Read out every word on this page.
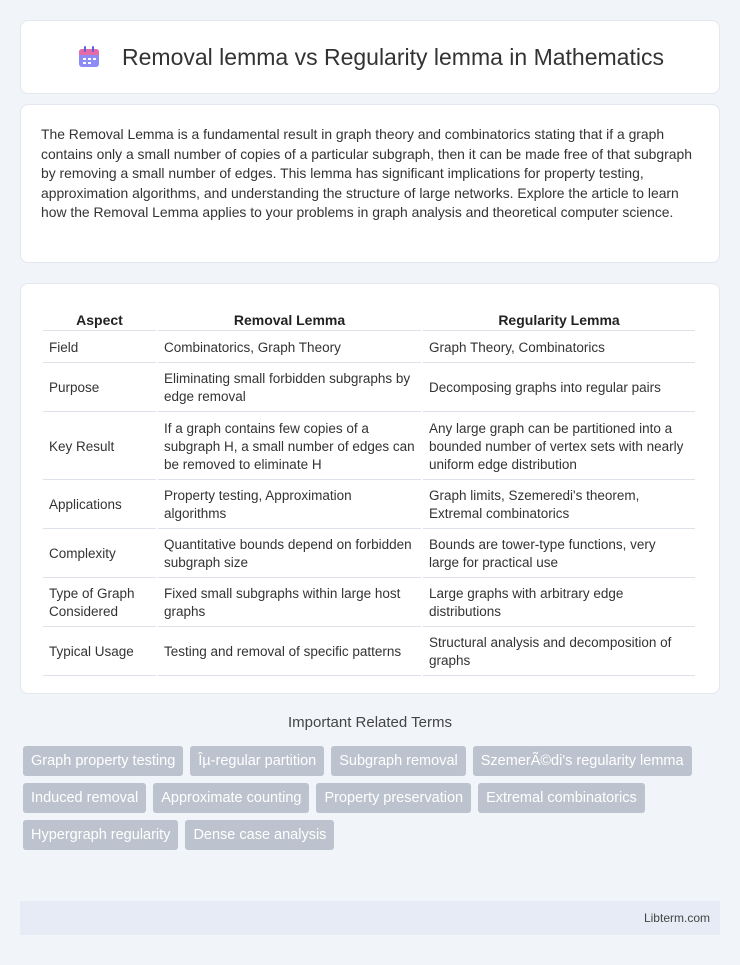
Removal lemma vs Regularity lemma in Mathematics

The Removal Lemma is a fundamental result in graph theory and combinatorics stating that if a graph contains only a small number of copies of a particular subgraph, then it can be made free of that subgraph by removing a small number of edges. This lemma has significant implications for property testing, approximation algorithms, and understanding the structure of large networks. Explore the article to learn how the Removal Lemma applies to your problems in graph analysis and theoretical computer science.

Aspect	Removal Lemma	Regularity Lemma
Field	Combinatorics, Graph Theory	Graph Theory, Combinatorics
Purpose	Eliminating small forbidden subgraphs by edge removal	Decomposing graphs into regular pairs
Key Result	If a graph contains few copies of a subgraph H, a small number of edges can be removed to eliminate H	Any large graph can be partitioned into a bounded number of vertex sets with nearly uniform edge distribution
Applications	Property testing, Approximation algorithms	Graph limits, Szemeredi's theorem, Extremal combinatorics
Complexity	Quantitative bounds depend on forbidden subgraph size	Bounds are tower-type functions, very large for practical use
Type of Graph Considered	Fixed small subgraphs within large host graphs	Large graphs with arbitrary edge distributions
Typical Usage	Testing and removal of specific patterns	Structural analysis and decomposition of graphs
Important Related Terms
Graph property testing	Îµ-regular partition	Subgraph removal	SzemerÃ©di's regularity lemma
Induced removal	Approximate counting	Property preservation	Extremal combinatorics
Hypergraph regularity	Dense case analysis
Libterm.com
